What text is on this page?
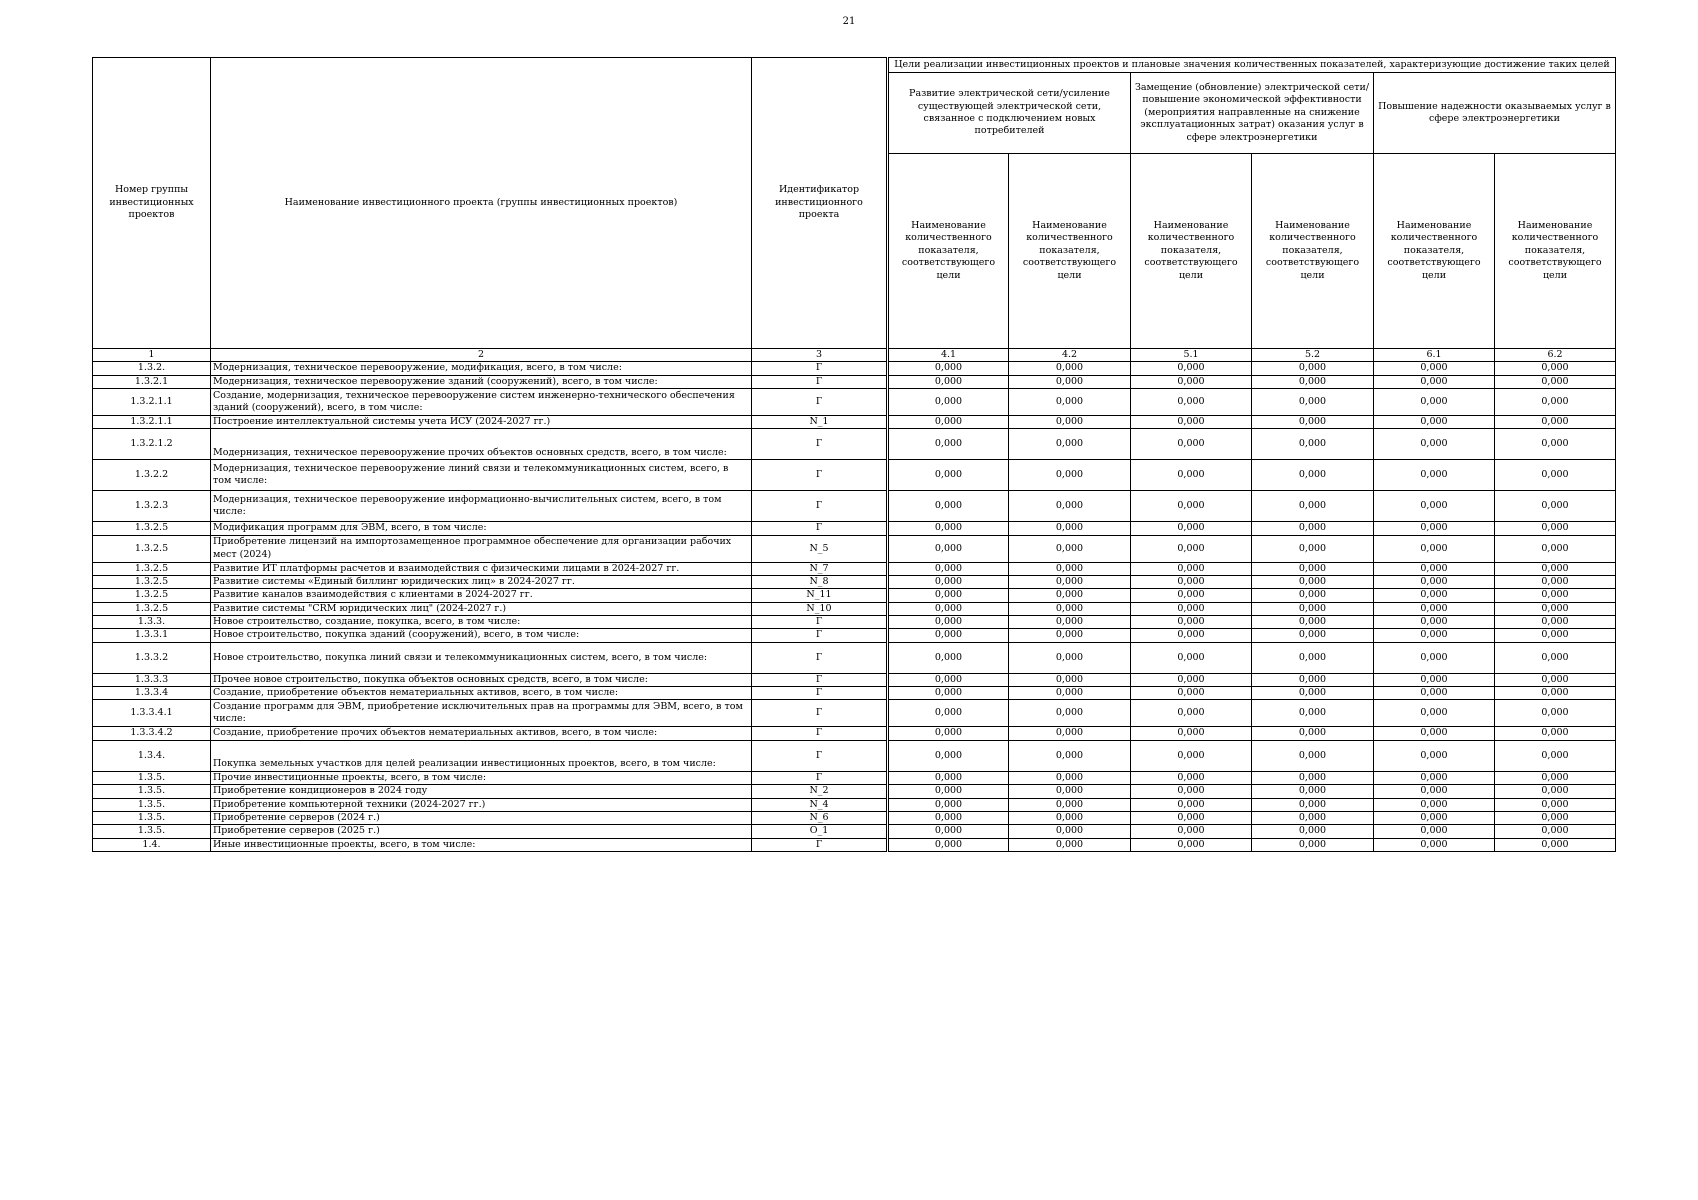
21
Номер группы инвестиционных проектов	Наименование инвестиционного проекта (группы инвестиционных проектов)	Идентификатор инвестиционного проекта	Цели реализации инвестиционных проектов и плановые значения количественных показателей, характеризующие достижение таких целей					
			Развитие электрической сети/усиление существующей электрической сети, связанное с подключением новых потребителей		Замещение (обновление) электрической сети/повышение экономической эффективности (мероприятия направленные на снижение эксплуатационных затрат) оказания услуг в сфере электроэнергетики		Повышение надежности оказываемых услуг в сфере электроэнергетики	
			Наименование количественного показателя, соответствующего цели	Наименование количественного показателя, соответствующего цели	Наименование количественного показателя, соответствующего цели	Наименование количественного показателя, соответствующего цели	Наименование количественного показателя, соответствующего цели	Наименование количественного показателя, соответствующего цели
1	2	3	4.1	4.2	5.1	5.2	6.1	6.2
1.3.2.	Модернизация, техническое перевооружение, модификация, всего, в том числе:	Г	0,000	0,000	0,000	0,000	0,000	0,000
1.3.2.1	Модернизация, техническое перевооружение зданий (сооружений), всего, в том числе:	Г	0,000	0,000	0,000	0,000	0,000	0,000
1.3.2.1.1	Создание, модернизация, техническое перевооружение систем инженерно-технического обеспечения зданий (сооружений), всего, в том числе:	Г	0,000	0,000	0,000	0,000	0,000	0,000
1.3.2.1.1	Построение интеллектуальной системы учета ИСУ (2024-2027 гг.)	N_1	0,000	0,000	0,000	0,000	0,000	0,000
1.3.2.1.2	Модернизация, техническое перевооружение прочих объектов основных средств, всего, в том числе:	Г	0,000	0,000	0,000	0,000	0,000	0,000
1.3.2.2	Модернизация, техническое перевооружение линий связи и телекоммуникационных систем, всего, в том числе:	Г	0,000	0,000	0,000	0,000	0,000	0,000
1.3.2.3	Модернизация, техническое перевооружение информационно-вычислительных систем, всего, в том числе:	Г	0,000	0,000	0,000	0,000	0,000	0,000
1.3.2.5	Модификация программ для ЭВМ, всего, в том числе:	Г	0,000	0,000	0,000	0,000	0,000	0,000
1.3.2.5	Приобретение лицензий на импортозамещенное программное обеспечение для организации рабочих мест (2024)	N_5	0,000	0,000	0,000	0,000	0,000	0,000
1.3.2.5	Развитие ИТ платформы расчетов и взаимодействия с физическими лицами в 2024-2027 гг.	N_7	0,000	0,000	0,000	0,000	0,000	0,000
1.3.2.5	Развитие системы «Единый биллинг юридических лиц» в 2024-2027 гг.	N_8	0,000	0,000	0,000	0,000	0,000	0,000
1.3.2.5	Развитие каналов взаимодействия с клиентами в 2024-2027 гг.	N_11	0,000	0,000	0,000	0,000	0,000	0,000
1.3.2.5	Развитие системы "CRM юридических лиц" (2024-2027 г.)	N_10	0,000	0,000	0,000	0,000	0,000	0,000
1.3.3.	Новое строительство, создание, покупка, всего, в том числе:	Г	0,000	0,000	0,000	0,000	0,000	0,000
1.3.3.1	Новое строительство, покупка зданий (сооружений), всего, в том числе:	Г	0,000	0,000	0,000	0,000	0,000	0,000
1.3.3.2	Новое строительство, покупка линий связи и телекоммуникационных систем, всего, в том числе:	Г	0,000	0,000	0,000	0,000	0,000	0,000
1.3.3.3	Прочее новое строительство, покупка объектов основных средств, всего, в том числе:	Г	0,000	0,000	0,000	0,000	0,000	0,000
1.3.3.4	Создание, приобретение объектов нематериальных активов, всего, в том числе:	Г	0,000	0,000	0,000	0,000	0,000	0,000
1.3.3.4.1	Создание программ для ЭВМ, приобретение исключительных прав на программы для ЭВМ, всего, в том числе:	Г	0,000	0,000	0,000	0,000	0,000	0,000
1.3.3.4.2	Создание, приобретение прочих объектов нематериальных активов, всего, в том числе:	Г	0,000	0,000	0,000	0,000	0,000	0,000
1.3.4.	Покупка земельных участков для целей реализации инвестиционных проектов, всего, в том числе:	Г	0,000	0,000	0,000	0,000	0,000	0,000
1.3.5.	Прочие инвестиционные проекты, всего, в том числе:	Г	0,000	0,000	0,000	0,000	0,000	0,000
1.3.5.	Приобретение кондиционеров в 2024 году	N_2	0,000	0,000	0,000	0,000	0,000	0,000
1.3.5.	Приобретение компьютерной техники (2024-2027 гг.)	N_4	0,000	0,000	0,000	0,000	0,000	0,000
1.3.5.	Приобретение серверов (2024 г.)	N_6	0,000	0,000	0,000	0,000	0,000	0,000
1.3.5.	Приобретение серверов (2025 г.)	O_1	0,000	0,000	0,000	0,000	0,000	0,000
1.4.	Иные инвестиционные проекты, всего, в том числе:	Г	0,000	0,000	0,000	0,000	0,000	0,000
